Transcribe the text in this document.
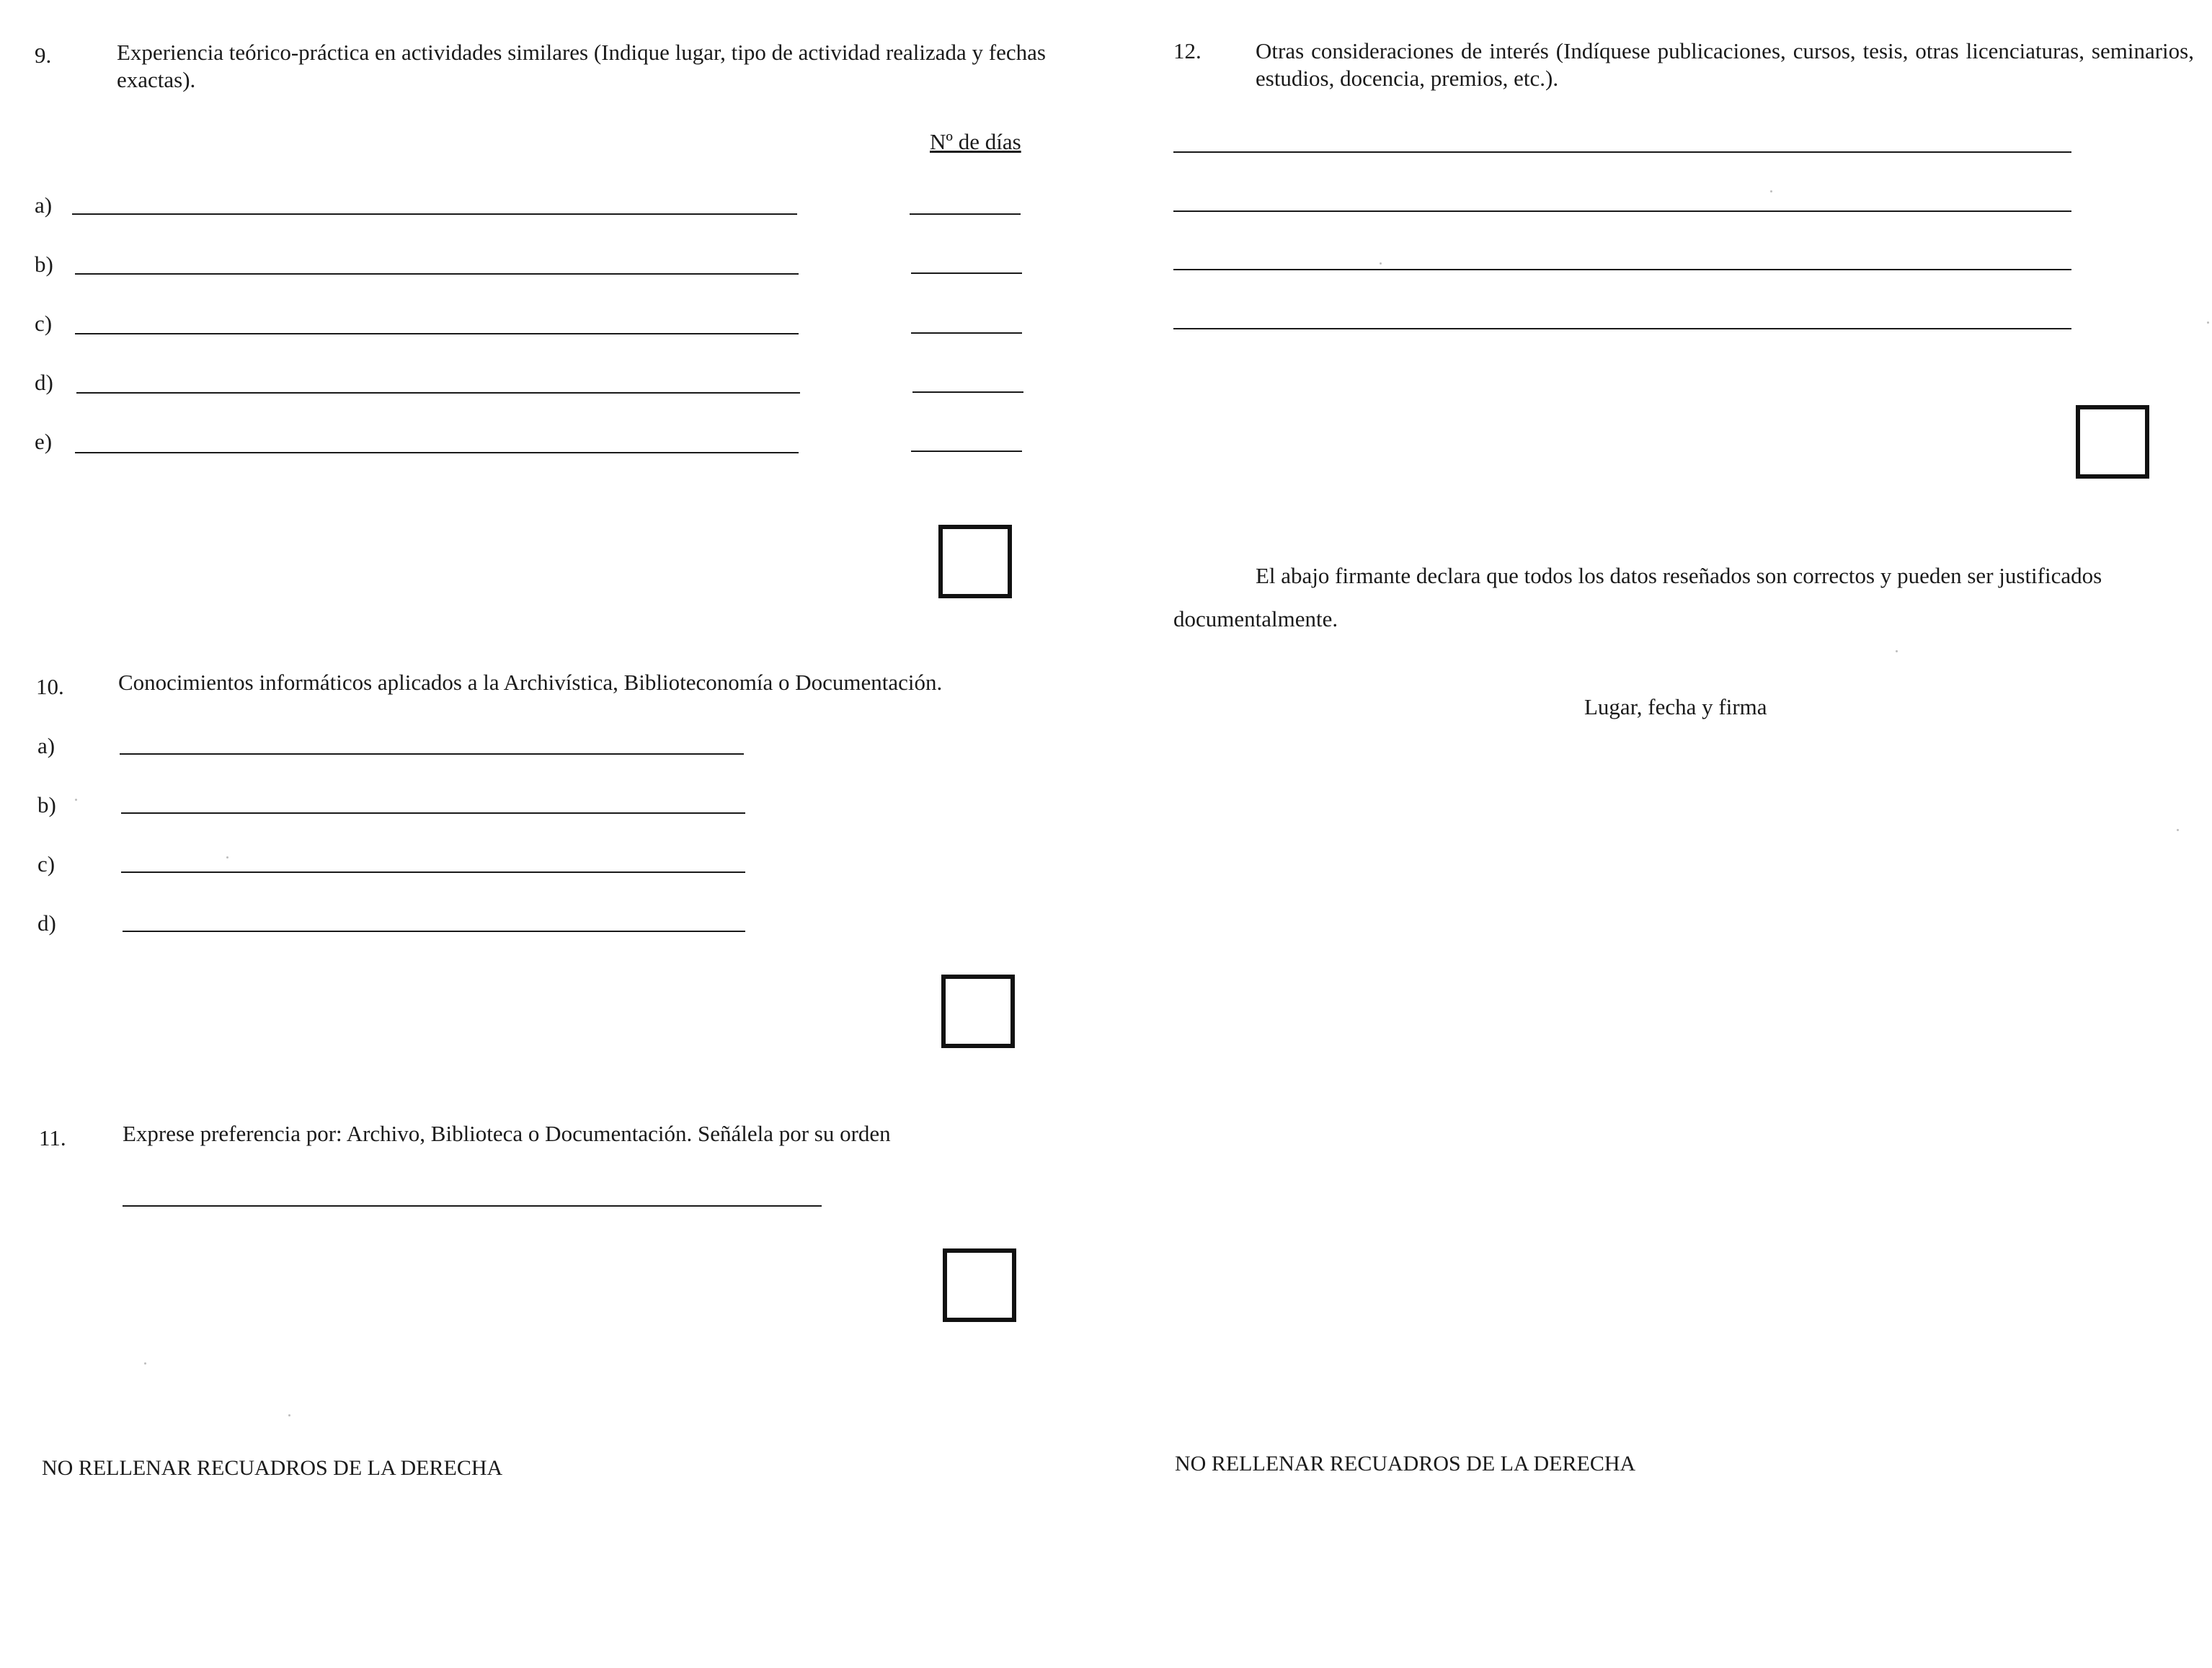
9.	Experiencia teórico-práctica en actividades similares (Indique lugar, tipo de actividad realizada y fechas exactas).
Nº de días
a)
b)
c)
d)
e)
10. Conocimientos informáticos aplicados a la Archivística, Biblioteconomía o Documentación.
a)
b)
c)
d)
11.	Exprese preferencia por: Archivo, Biblioteca o Documentación. Señálela por su orden
NO RELLENAR RECUADROS DE LA DERECHA
12. Otras consideraciones de interés (Indíquese publicaciones, cursos, tesis, otras licenciaturas, seminarios, estudios, docencia, premios, etc.).
El abajo firmante declara que todos los datos reseñados son correctos y pueden ser justificados
documentalmente.
Lugar, fecha y firma
NO RELLENAR RECUADROS DE LA DERECHA
